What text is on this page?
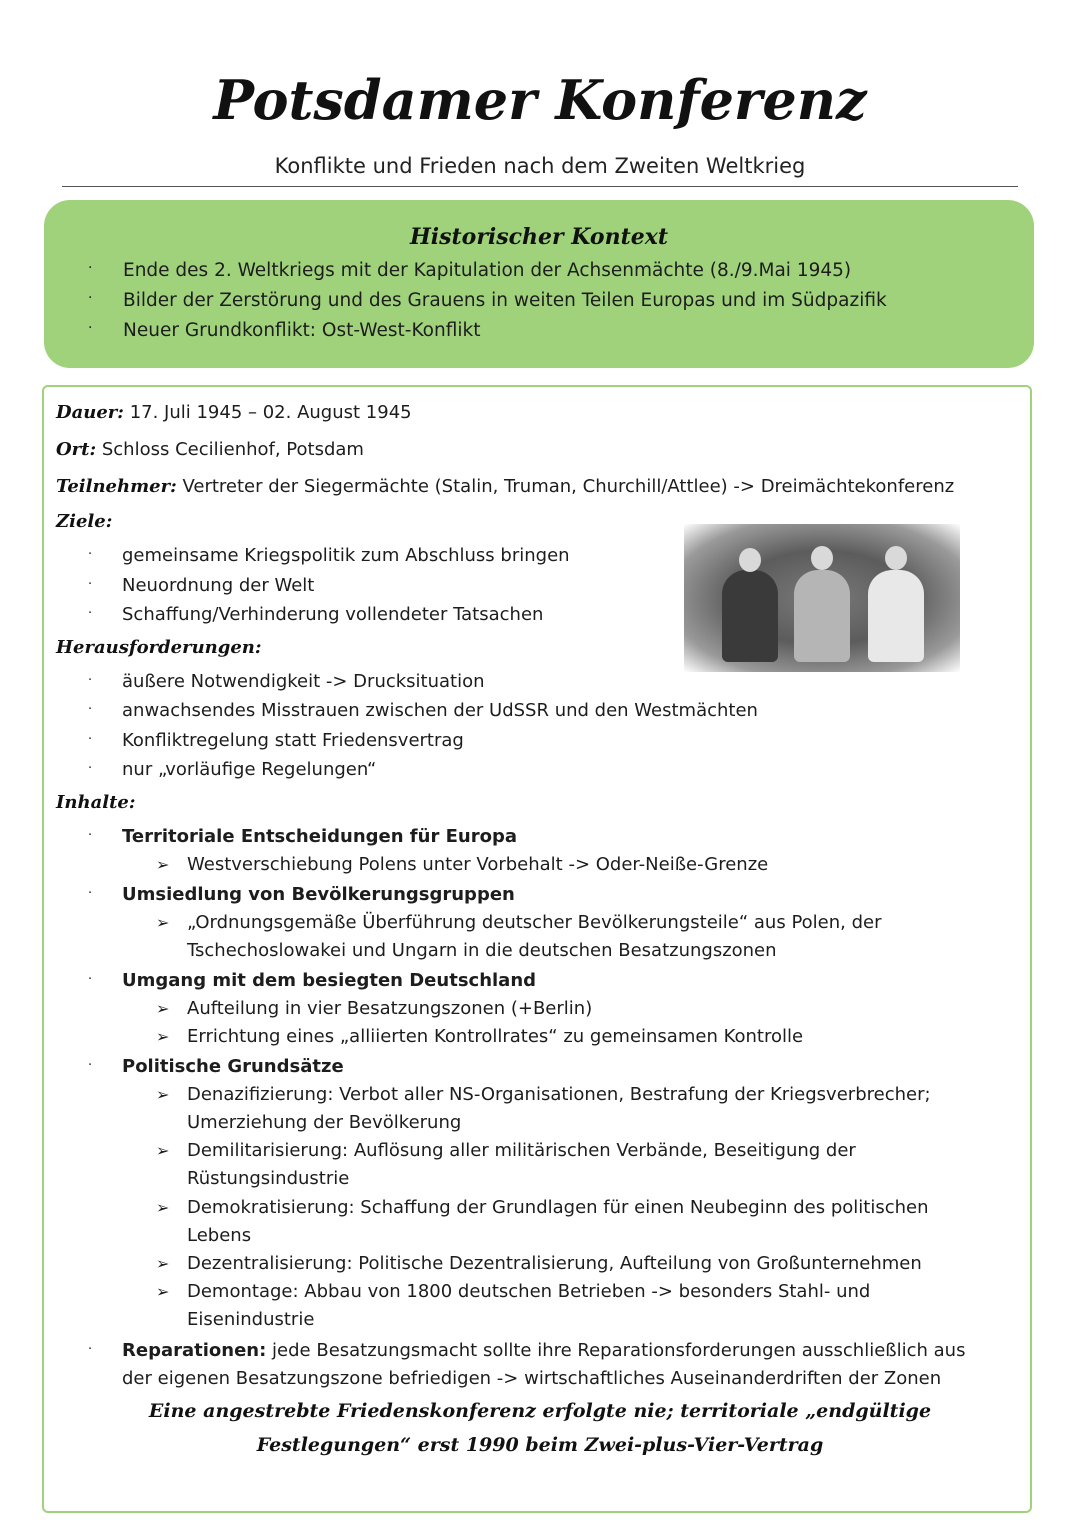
Potsdamer Konferenz
Konflikte und Frieden nach dem Zweiten Weltkrieg
Historischer Kontext
· Ende des 2. Weltkriegs mit der Kapitulation der Achsenmächte (8./9.Mai 1945)
· Bilder der Zerstörung und des Grauens in weiten Teilen Europas und im Südpazifik
· Neuer Grundkonflikt: Ost-West-Konflikt
Dauer: 17. Juli 1945 – 02. August 1945
Ort: Schloss Cecilienhof, Potsdam
Teilnehmer: Vertreter der Siegermächte (Stalin, Truman, Churchill/Attlee) -> Dreimächtekonferenz
Ziele:
· gemeinsame Kriegspolitik zum Abschluss bringen
· Neuordnung der Welt
· Schaffung/Verhinderung vollendeter Tatsachen
Herausforderungen:
· äußere Notwendigkeit -> Drucksituation
· anwachsendes Misstrauen zwischen der UdSSR und den Westmächten
· Konfliktregelung statt Friedensvertrag
· nur „vorläufige Regelungen“
Inhalte:
· Territoriale Entscheidungen für Europa
➢ Westverschiebung Polens unter Vorbehalt -> Oder-Neiße-Grenze
· Umsiedlung von Bevölkerungsgruppen
➢ „Ordnungsgemäße Überführung deutscher Bevölkerungsteile“ aus Polen, der
Tschechoslowakei und Ungarn in die deutschen Besatzungszonen
· Umgang mit dem besiegten Deutschland
➢ Aufteilung in vier Besatzungszonen (+Berlin)
➢ Errichtung eines „alliierten Kontrollrates“ zu gemeinsamen Kontrolle
· Politische Grundsätze
➢ Denazifizierung: Verbot aller NS-Organisationen, Bestrafung der Kriegsverbrecher;
Umerziehung der Bevölkerung
➢ Demilitarisierung: Auflösung aller militärischen Verbände, Beseitigung der
Rüstungsindustrie
➢ Demokratisierung: Schaffung der Grundlagen für einen Neubeginn des politischen
Lebens
➢ Dezentralisierung: Politische Dezentralisierung, Aufteilung von Großunternehmen
➢ Demontage: Abbau von 1800 deutschen Betrieben -> besonders Stahl- und
Eisenindustrie
· Reparationen: jede Besatzungsmacht sollte ihre Reparationsforderungen ausschließlich aus
der eigenen Besatzungszone befriedigen -> wirtschaftliches Auseinanderdriften der Zonen
Eine angestrebte Friedenskonferenz erfolgte nie; territoriale „endgültige
Festlegungen“ erst 1990 beim Zwei-plus-Vier-Vertrag
